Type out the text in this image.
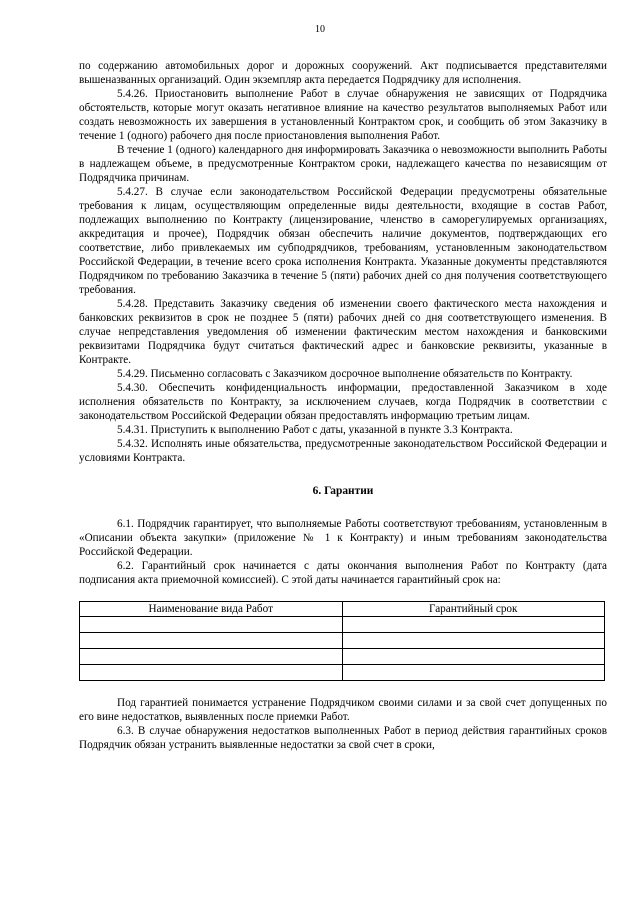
10

по содержанию автомобильных дорог и дорожных сооружений. Акт подписывается представителями вышеназванных организаций. Один экземпляр акта передается Подрядчику для исполнения.

5.4.26. Приостановить выполнение Работ в случае обнаружения не зависящих от Подрядчика обстоятельств, которые могут оказать негативное влияние на качество результатов выполняемых Работ или создать невозможность их завершения в установленный Контрактом срок, и сообщить об этом Заказчику в течение 1 (одного) рабочего дня после приостановления выполнения Работ.

В течение 1 (одного) календарного дня информировать Заказчика о невозможности выполнить Работы в надлежащем объеме, в предусмотренные Контрактом сроки, надлежащего качества по независящим от Подрядчика причинам.

5.4.27. В случае если законодательством Российской Федерации предусмотрены обязательные требования к лицам, осуществляющим определенные виды деятельности, входящие в состав Работ, подлежащих выполнению по Контракту (лицензирование, членство в саморегулируемых организациях, аккредитация и прочее), Подрядчик обязан обеспечить наличие документов, подтверждающих его соответствие, либо привлекаемых им субподрядчиков, требованиям, установленным законодательством Российской Федерации, в течение всего срока исполнения Контракта. Указанные документы представляются Подрядчиком по требованию Заказчика в течение 5 (пяти) рабочих дней со дня получения соответствующего требования.

5.4.28. Представить Заказчику сведения об изменении своего фактического места нахождения и банковских реквизитов в срок не позднее 5 (пяти) рабочих дней со дня соответствующего изменения. В случае непредставления уведомления об изменении фактическим местом нахождения и банковскими реквизитами Подрядчика будут считаться фактический адрес и банковские реквизиты, указанные в Контракте.

5.4.29. Письменно согласовать с Заказчиком досрочное выполнение обязательств по Контракту.

5.4.30. Обеспечить конфиденциальность информации, предоставленной Заказчиком в ходе исполнения обязательств по Контракту, за исключением случаев, когда Подрядчик в соответствии с законодательством Российской Федерации обязан предоставлять информацию третьим лицам.

5.4.31. Приступить к выполнению Работ с даты, указанной в пункте 3.3 Контракта.

5.4.32. Исполнять иные обязательства, предусмотренные законодательством Российской Федерации и условиями Контракта.

6. Гарантии

6.1. Подрядчик гарантирует, что выполняемые Работы соответствуют требованиям, установленным в «Описании объекта закупки» (приложение № 1 к Контракту) и иным требованиям законодательства Российской Федерации.

6.2. Гарантийный срок начинается с даты окончания выполнения Работ по Контракту (дата подписания акта приемочной комиссией). С этой даты начинается гарантийный срок на:

Наименование вида Работ	Гарантийный срок

Под гарантией понимается устранение Подрядчиком своими силами и за свой счет допущенных по его вине недостатков, выявленных после приемки Работ.

6.3. В случае обнаружения недостатков выполненных Работ в период действия гарантийных сроков Подрядчик обязан устранить выявленные недостатки за свой счет в сроки,
